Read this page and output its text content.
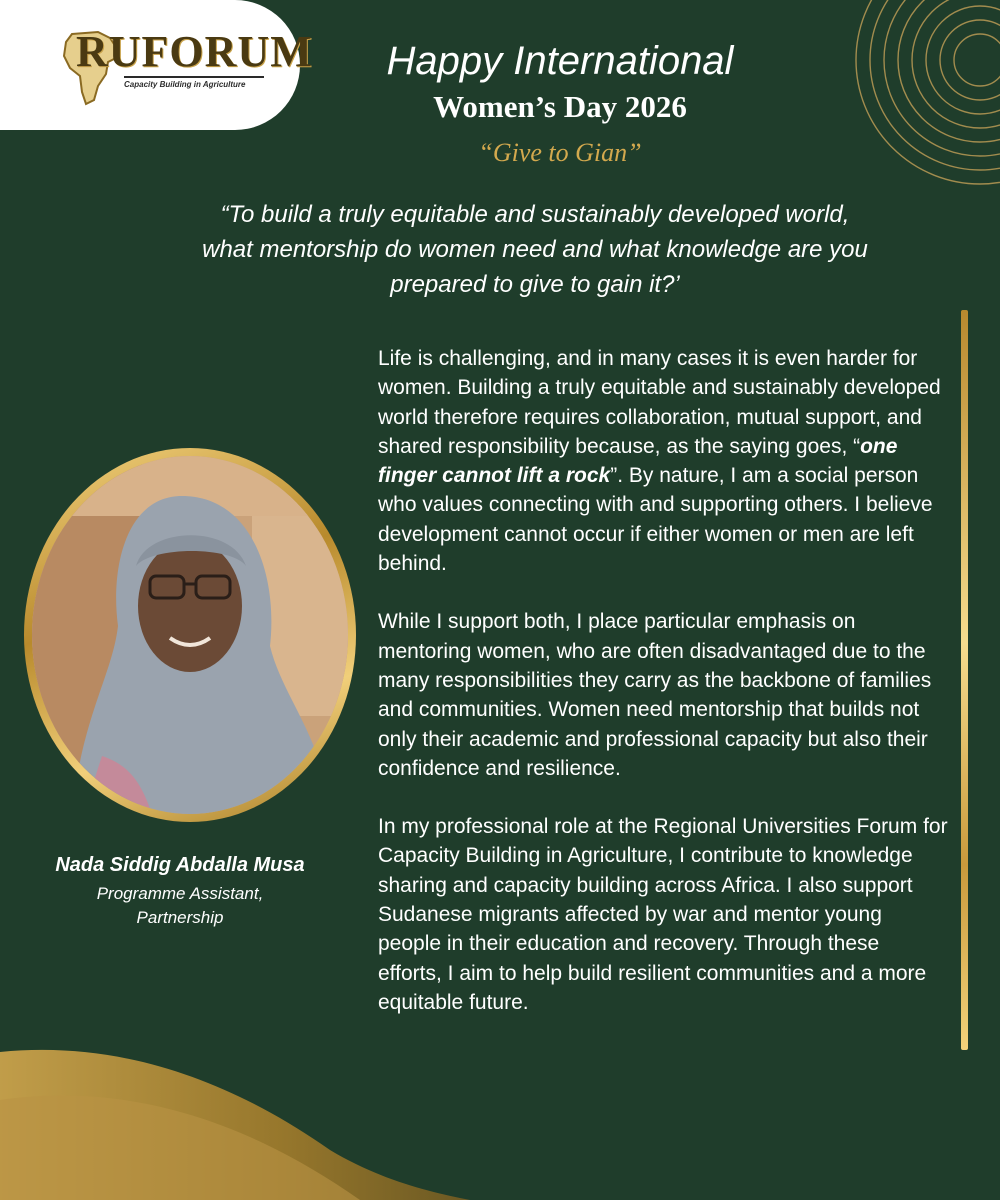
RUFORUM
Capacity Building in Agriculture
Happy International
Women’s Day 2026
“Give to Gian”
“To build a truly equitable and sustainably developed world, what mentorship do women need and what knowledge are you prepared to give to gain it?’
Nada Siddig Abdalla Musa
Programme Assistant,
Partnership

Life is challenging, and in many cases it is even harder for women. Building a truly equitable and sustainably developed world therefore requires collaboration, mutual support, and shared responsibility because, as the saying goes, “one finger cannot lift a rock”. By nature, I am a social person who values connecting with and supporting others. I believe development cannot occur if either women or men are left behind.

While I support both, I place particular emphasis on mentoring women, who are often disadvantaged due to the many responsibilities they carry as the backbone of families and communities. Women need mentorship that builds not only their academic and professional capacity but also their confidence and resilience.

In my professional role at the Regional Universities Forum for Capacity Building in Agriculture, I contribute to knowledge sharing and capacity building across Africa. I also support Sudanese migrants affected by war and mentor young people in their education and recovery. Through these efforts, I aim to help build resilient communities and a more equitable future.
